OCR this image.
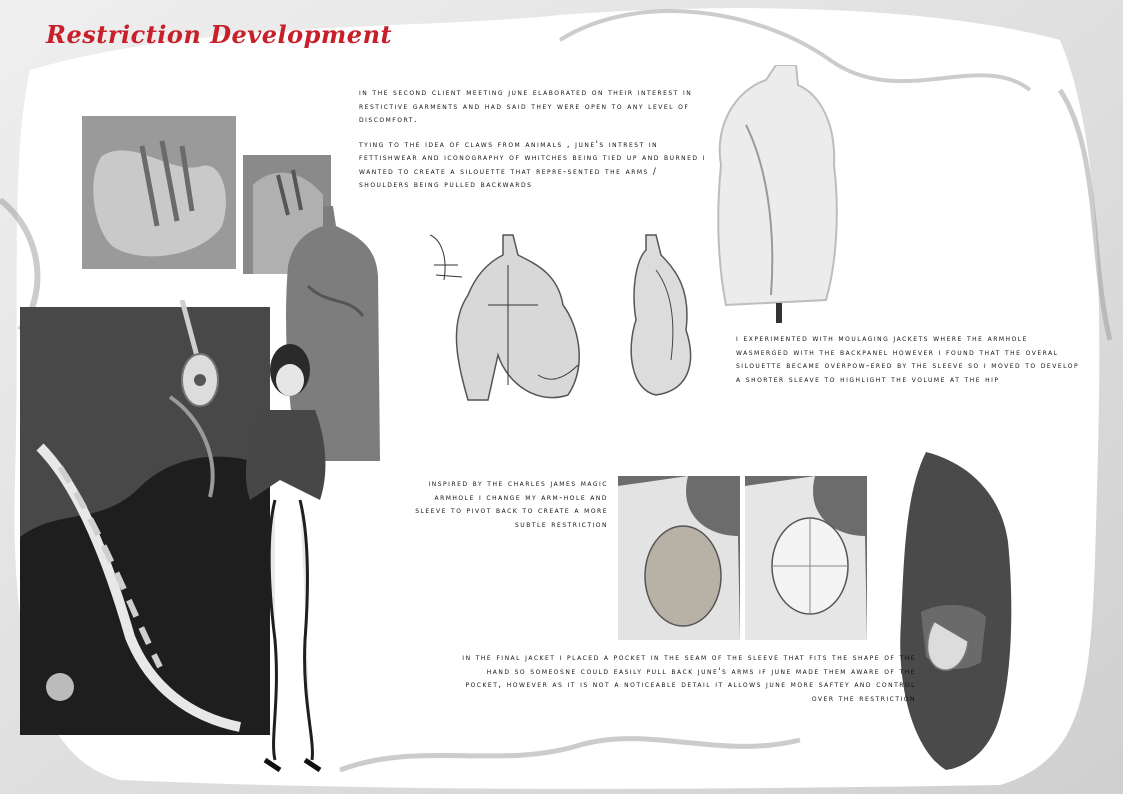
Restriction Development

in the second client meeting june elaborated on their interest in restictive garments and had said they were open to any level of discomfort.

tying to the idea of claws from animals , june's intrest in fettishwear and iconography of whitches being tied up and burned i wanted to create a silouette that repre-sented the arms / shoulders being pulled backwards

i experimented with moulaging jackets where the armhole wasmerged with the backpanel however i found that the overal silouette became overpow-ered by the sleeve so i moved to develop a shorter sleave to highlight the volume at the hip
inspired by the charles james magic armhole i change my arm-hole and sleeve to pivot back to create a more subtle restriction
in the final jacket i placed a pocket in the seam of the sleeve that fits the shape of the hand so someosne could easily pull back june's arms if june made them aware of the pocket, however as it is not a noticeable detail it allows june more saftey and control over the restriction
